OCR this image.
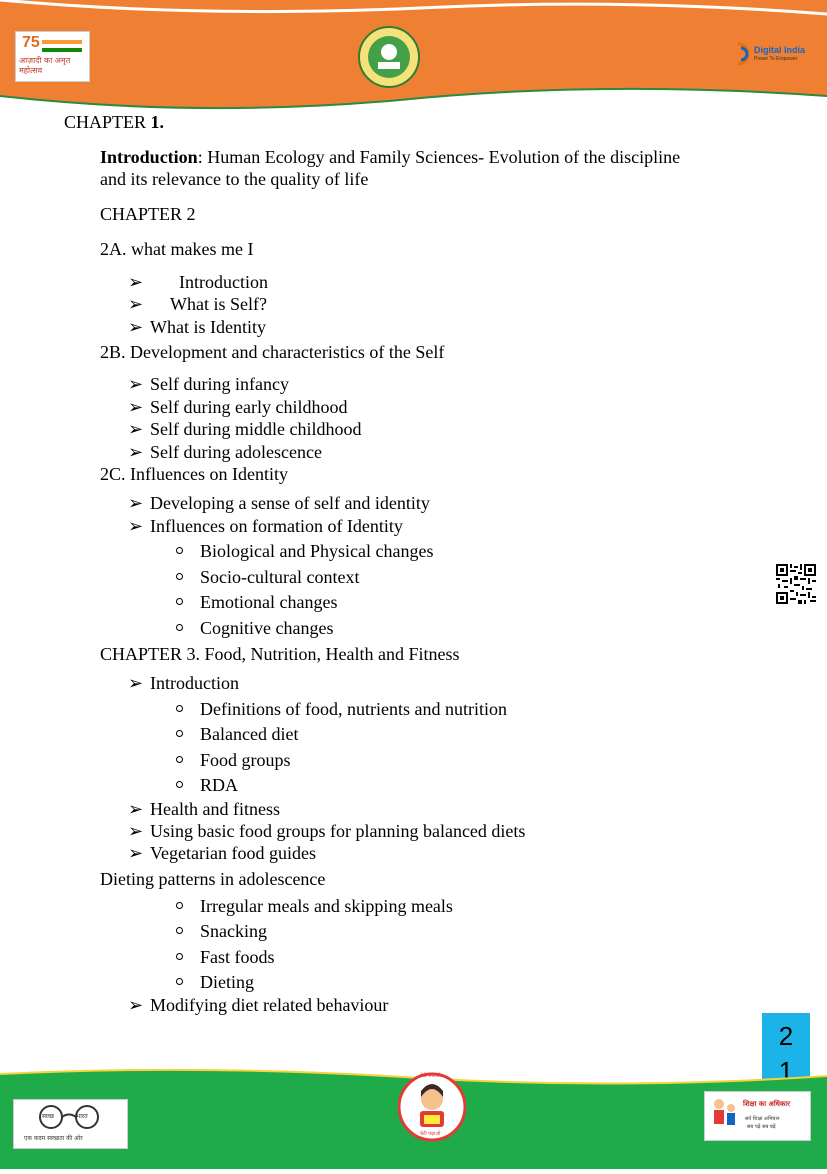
75
आज़ादी का अमृत महोत्सव
Digital India
Power To Empower
CHAPTER 1.
Introduction: Human Ecology and Family Sciences- Evolution of the discipline
and its relevance to the quality of life
CHAPTER 2
2A. what makes me I
➢ Introduction
➢ What is Self?
➢ What is Identity
2B. Development and characteristics of the Self
➢ Self during infancy
➢ Self during early childhood
➢ Self during middle childhood
➢ Self during adolescence
2C. Influences on Identity
➢ Developing a sense of self and identity
➢ Influences on formation of Identity
Biological and Physical changes
Socio-cultural context
Emotional changes
Cognitive changes
CHAPTER 3. Food, Nutrition, Health and Fitness
➢ Introduction
Definitions of food, nutrients and nutrition
Balanced diet
Food groups
RDA
➢ Health and fitness
➢ Using basic food groups for planning balanced diets
➢ Vegetarian food guides
Dieting patterns in adolescence
Irregular meals and skipping meals
Snacking
Fast foods
Dieting
➢ Modifying diet related behaviour
2
1
स्वच्छ	भारत
एक कदम स्वच्छता की ओर
बेटी बचाओ
बेटी पढ़ाओ
शिक्षा का अधिकार
सर्व शिक्षा अभियान
सब पढ़ें सब बढ़ें
